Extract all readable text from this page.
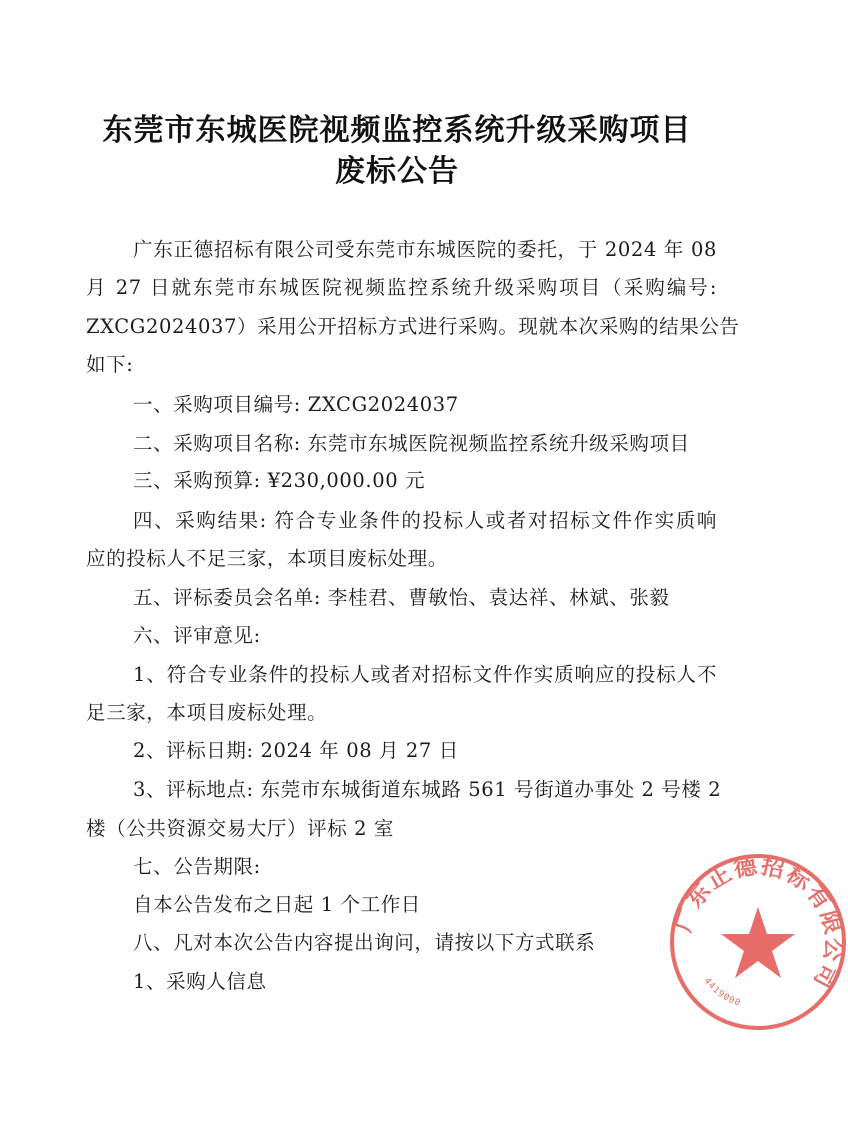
东莞市东城医院视频监控系统升级采购项目
废标公告
广东正德招标有限公司受东莞市东城医院的委托，于 2024 年 08
月 27 日就东莞市东城医院视频监控系统升级采购项目（采购编号:
ZXCG2024037）采用公开招标方式进行采购。现就本次采购的结果公告
如下:
一、采购项目编号: ZXCG2024037
二、采购项目名称: 东莞市东城医院视频监控系统升级采购项目
三、采购预算: ¥230,000.00 元
四、采购结果: 符合专业条件的投标人或者对招标文件作实质响
应的投标人不足三家，本项目废标处理。
五、评标委员会名单: 李桂君、曹敏怡、袁达祥、林斌、张毅
六、评审意见:
1、符合专业条件的投标人或者对招标文件作实质响应的投标人不
足三家，本项目废标处理。
2、评标日期: 2024 年 08 月 27 日
3、评标地点: 东莞市东城街道东城路 561 号街道办事处 2 号楼 2
楼（公共资源交易大厅）评标 2 室
七、公告期限:
自本公告发布之日起 1 个工作日
八、凡对本次公告内容提出询问，请按以下方式联系
1、采购人信息
广东正德招标有限公司
4419000
